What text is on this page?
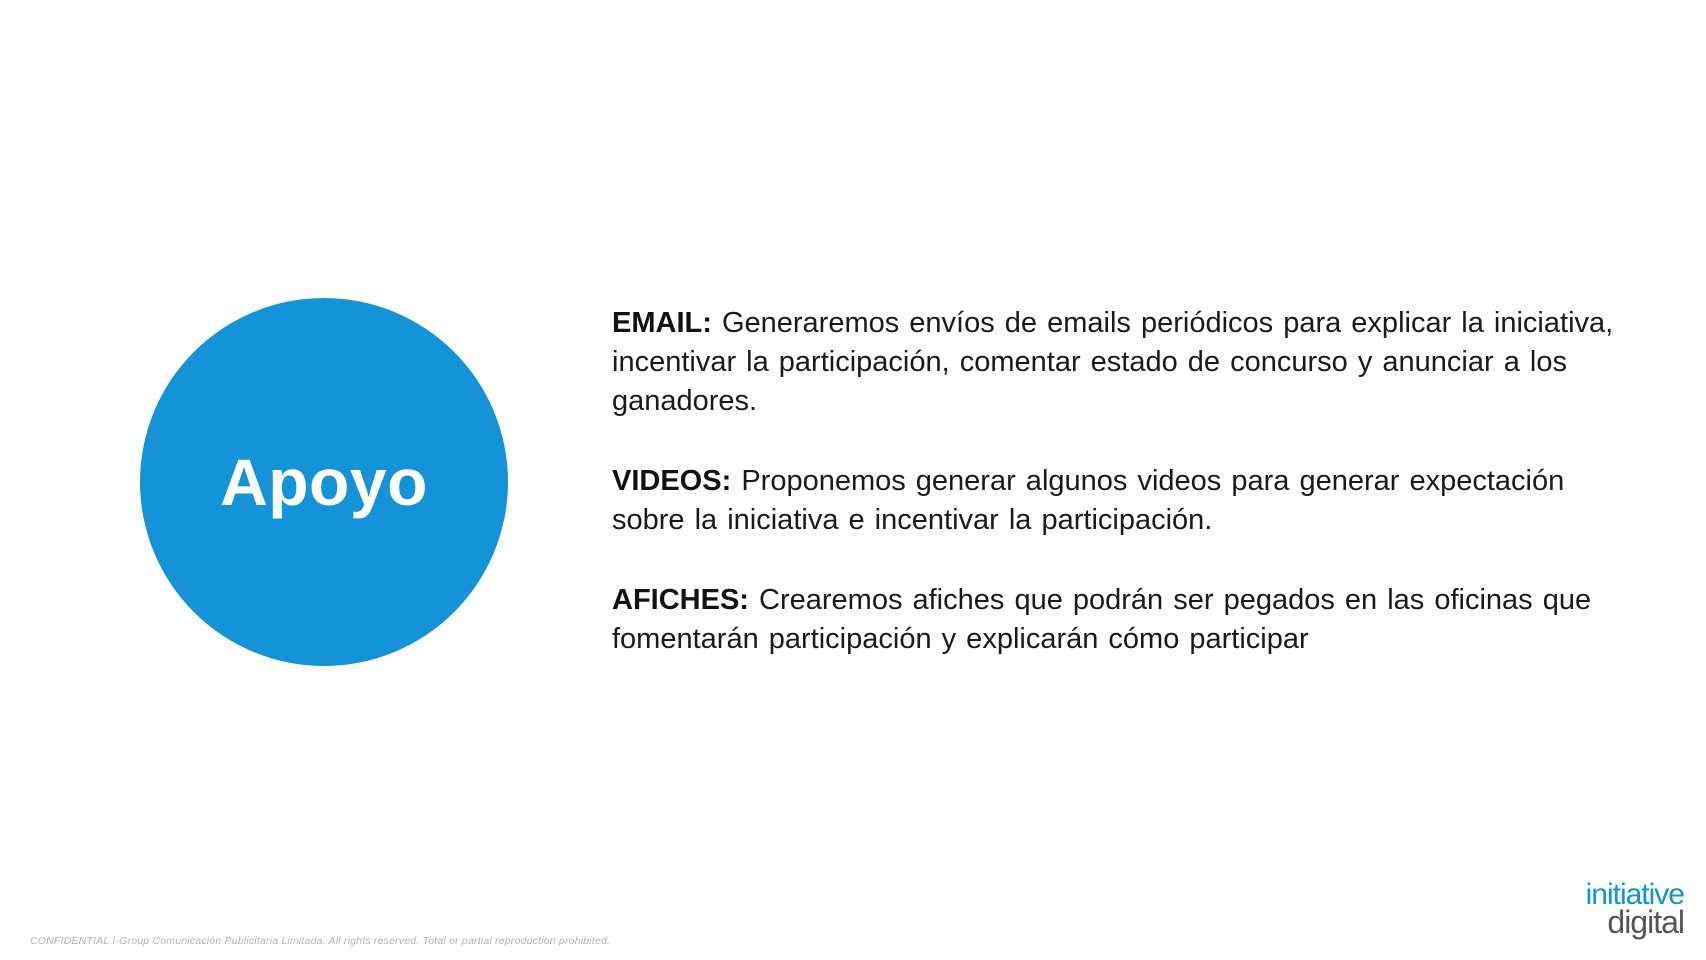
Apoyo

EMAIL: Generaremos envíos de emails periódicos para explicar la iniciativa, incentivar la participación, comentar estado de concurso y anunciar a los ganadores.

VIDEOS: Proponemos generar algunos videos para generar expectación sobre la iniciativa e incentivar la participación.

AFICHES: Crearemos afiches que podrán ser pegados en las oficinas que fomentarán participación y explicarán cómo participar

CONFIDENTIAL I-Group Comunicación Publicitaria Limitada. All rights reserved. Total or partial reproduction prohibited.
initiative
digital
